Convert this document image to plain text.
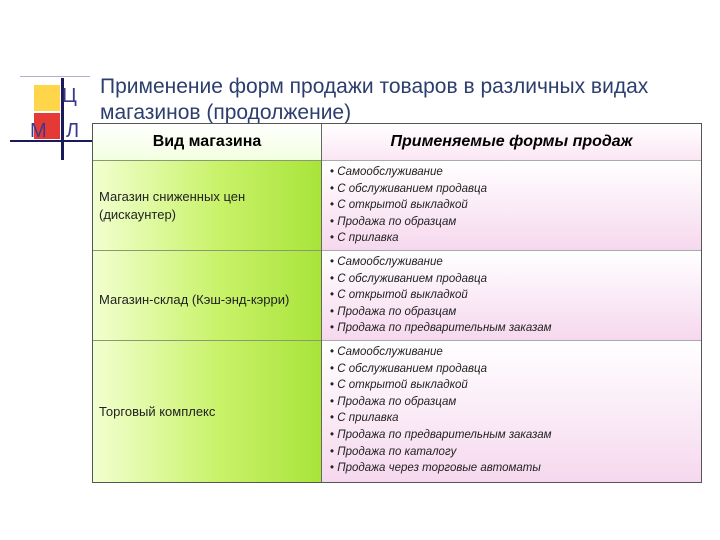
Ц
М Л
Применение форм продажи товаров в различных видах магазинов (продолжение)
Вид магазина	Применяемые формы продаж
Магазин сниженных цен (дискаунтер)
• Самообслуживание
• С обслуживанием продавца
• С открытой выкладкой
• Продажа по образцам
• С прилавка
Магазин-склад (Кэш-энд-кэрри)
• Самообслуживание
• С обслуживанием продавца
• С открытой выкладкой
• Продажа по образцам
• Продажа по предварительным заказам
Торговый комплекс
• Самообслуживание
• С обслуживанием продавца
• С открытой выкладкой
• Продажа по образцам
• С прилавка
• Продажа по предварительным заказам
• Продажа по каталогу
• Продажа через торговые автоматы
